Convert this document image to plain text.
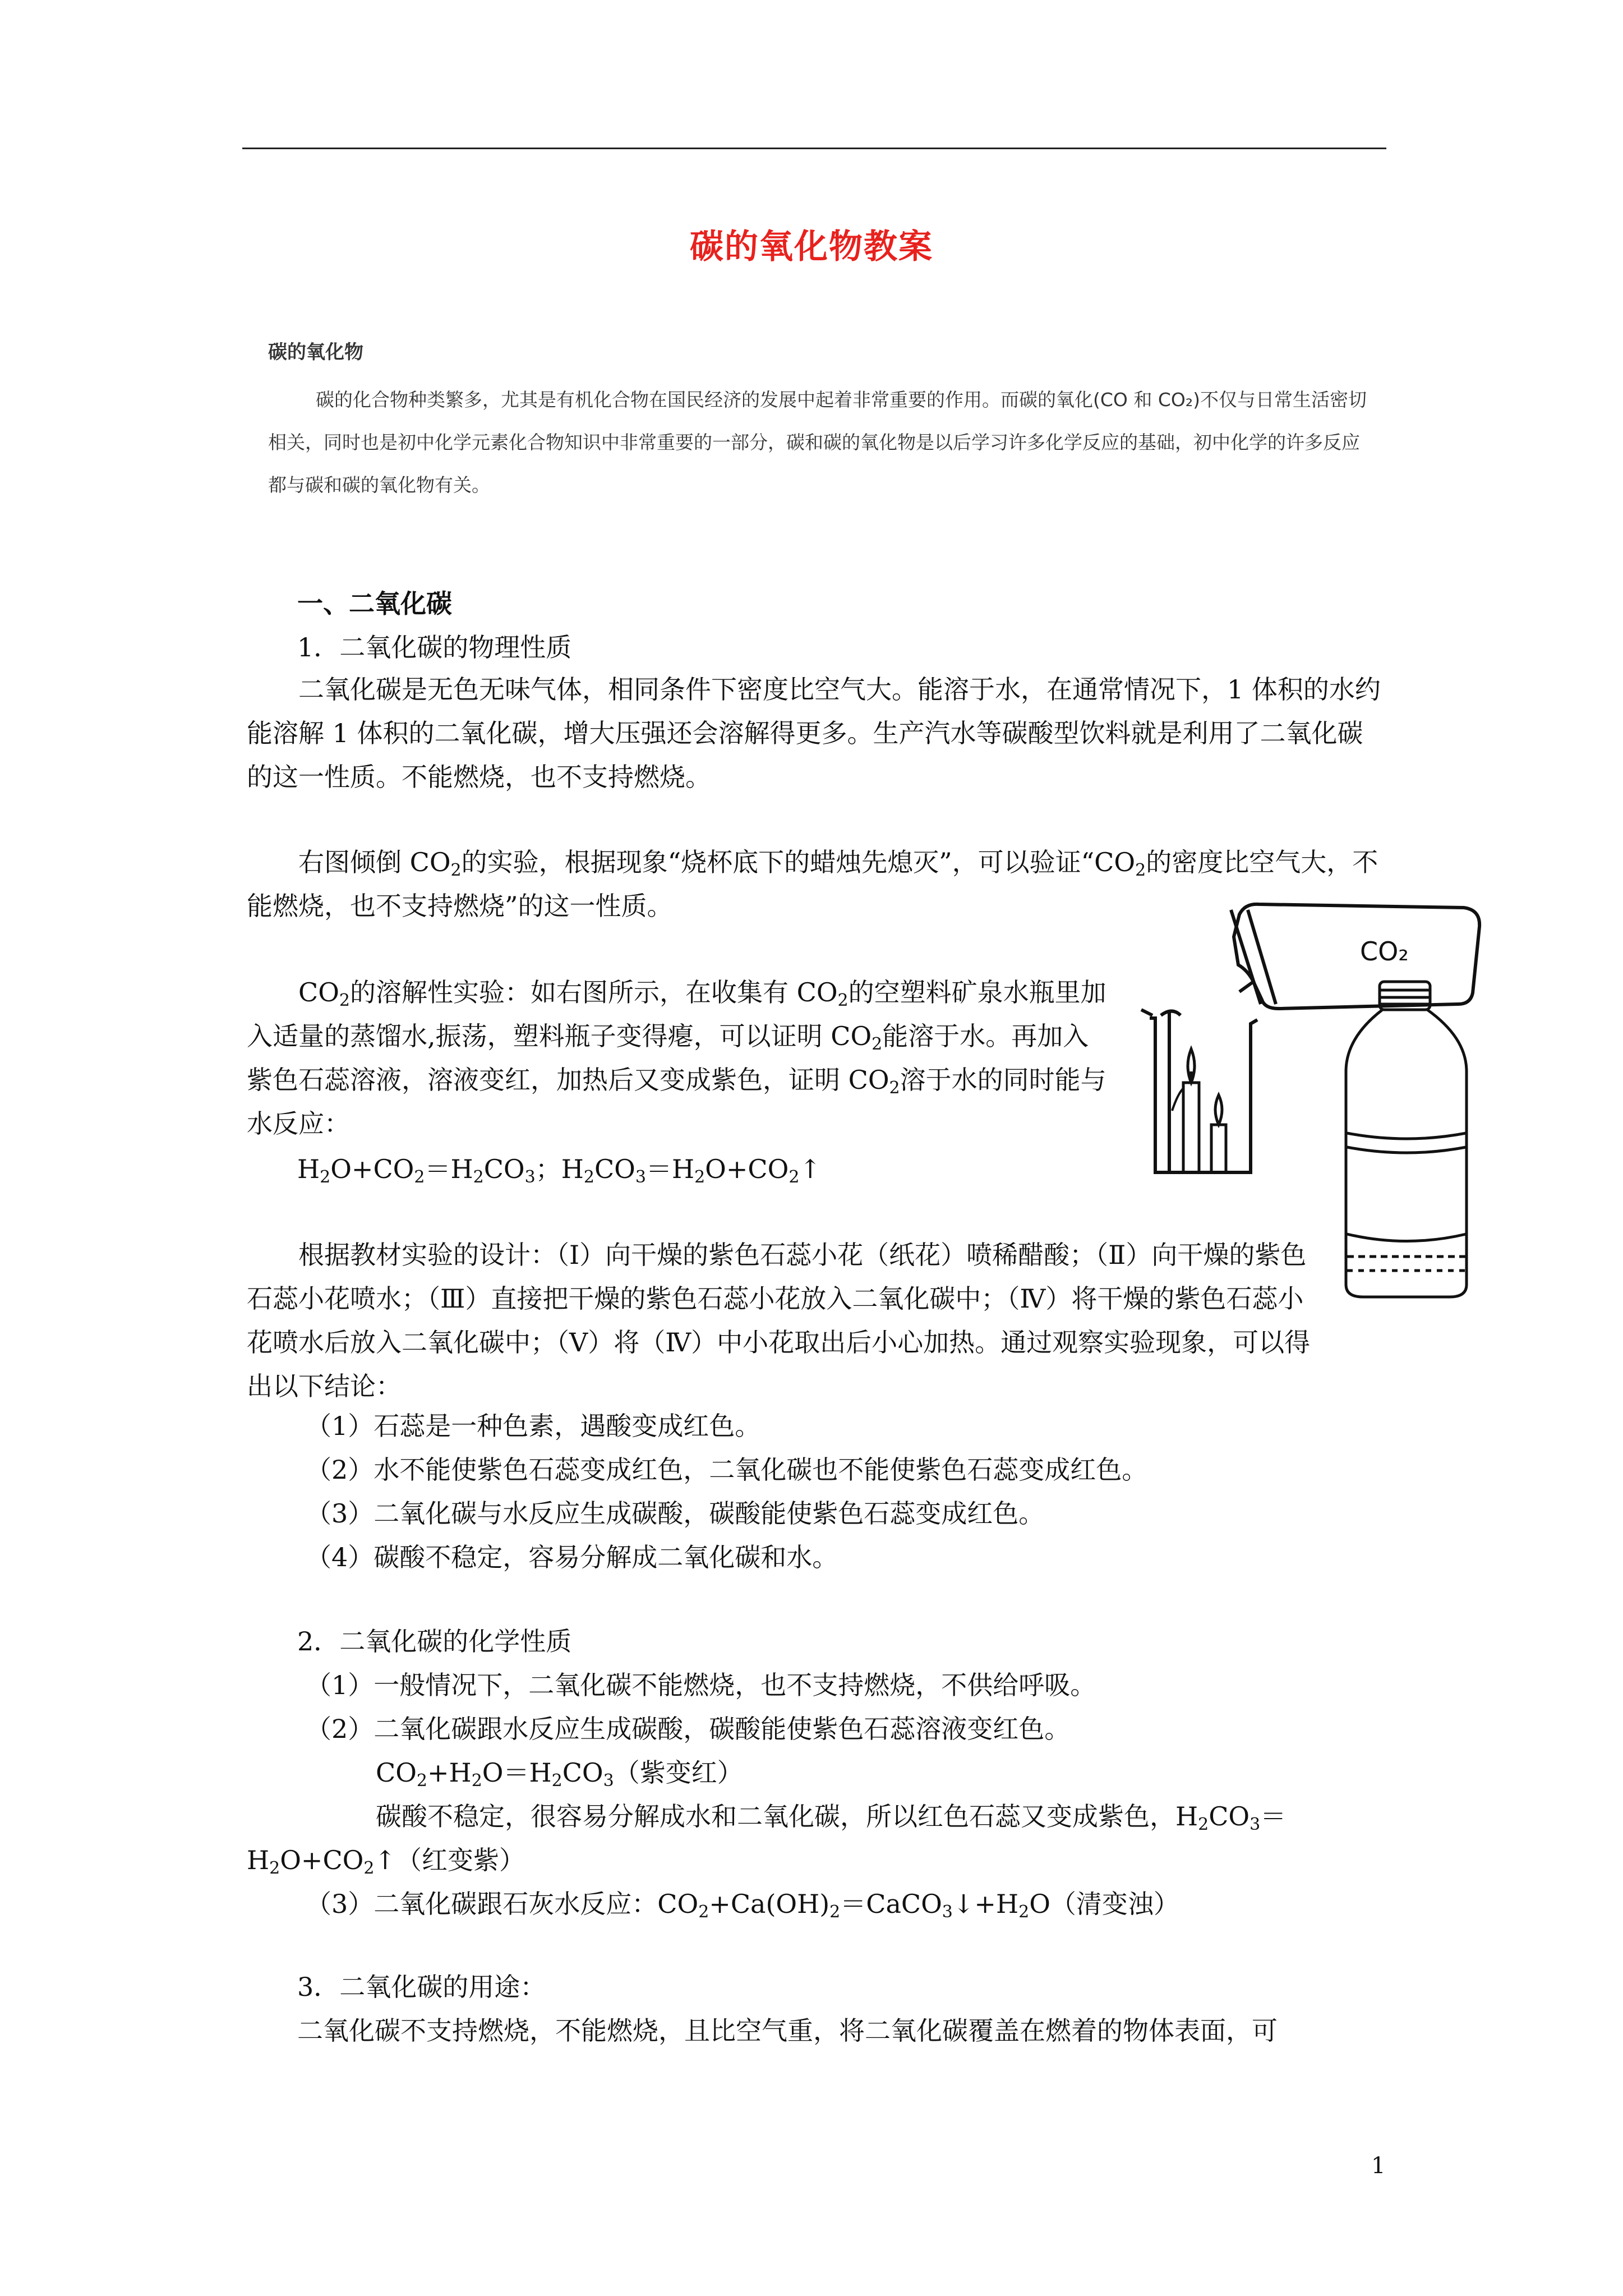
碳的氧化物教案
碳的氧化物
碳的化合物种类繁多，尤其是有机化合物在国民经济的发展中起着非常重要的作用。而碳的氧化(CO 和 CO₂)不仅与日常生活密切相关，同时也是初中化学元素化合物知识中非常重要的一部分，碳和碳的氧化物是以后学习许多化学反应的基础，初中化学的许多反应都与碳和碳的氧化物有关。
一、二氧化碳
1．二氧化碳的物理性质
二氧化碳是无色无味气体，相同条件下密度比空气大。能溶于水，在通常情况下，1 体积的水约能溶解 1 体积的二氧化碳，增大压强还会溶解得更多。生产汽水等碳酸型饮料就是利用了二氧化碳的这一性质。不能燃烧，也不支持燃烧。
右图倾倒 $CO_2$的实验，根据现象“烧杯底下的蜡烛先熄灭”，可以验证“$CO_2$的密度比空气大，不能燃烧，也不支持燃烧”的这一性质。
$CO_2$的溶解性实验：如右图所示，在收集有 $CO_2$的空塑料矿泉水瓶里加入适量的蒸馏水,振荡，塑料瓶子变得瘪，可以证明 $CO_2$能溶于水。再加入紫色石蕊溶液，溶液变红，加热后又变成紫色，证明 $CO_2$溶于水的同时能与水反应：
$H_2O+CO_2=H_2CO_3$；$H_2CO_3=H_2O+CO_2↑$
根据教材实验的设计：（Ⅰ）向干燥的紫色石蕊小花（纸花）喷稀醋酸；（Ⅱ）向干燥的紫色石蕊小花喷水；（Ⅲ）直接把干燥的紫色石蕊小花放入二氧化碳中；（Ⅳ）将干燥的紫色石蕊小花喷水后放入二氧化碳中；（Ⅴ）将（Ⅳ）中小花取出后小心加热。通过观察实验现象，可以得出以下结论：
（1）石蕊是一种色素，遇酸变成红色。
（2）水不能使紫色石蕊变成红色，二氧化碳也不能使紫色石蕊变成红色。
（3）二氧化碳与水反应生成碳酸，碳酸能使紫色石蕊变成红色。
（4）碳酸不稳定，容易分解成二氧化碳和水。
2．二氧化碳的化学性质
（1）一般情况下，二氧化碳不能燃烧，也不支持燃烧，不供给呼吸。
（2）二氧化碳跟水反应生成碳酸，碳酸能使紫色石蕊溶液变红色。
$CO_2+H_2O=H_2CO_3$（紫变红）
碳酸不稳定，很容易分解成水和二氧化碳，所以红色石蕊又变成紫色，$H_2CO_3=$
$H_2O+CO_2↑$（红变紫）
（3）二氧化碳跟石灰水反应：$CO_2+Ca(OH)_2=CaCO_3↓+H_2O$（清变浊）
3．二氧化碳的用途：
二氧化碳不支持燃烧，不能燃烧，且比空气重，将二氧化碳覆盖在燃着的物体表面，可
CO₂
1
